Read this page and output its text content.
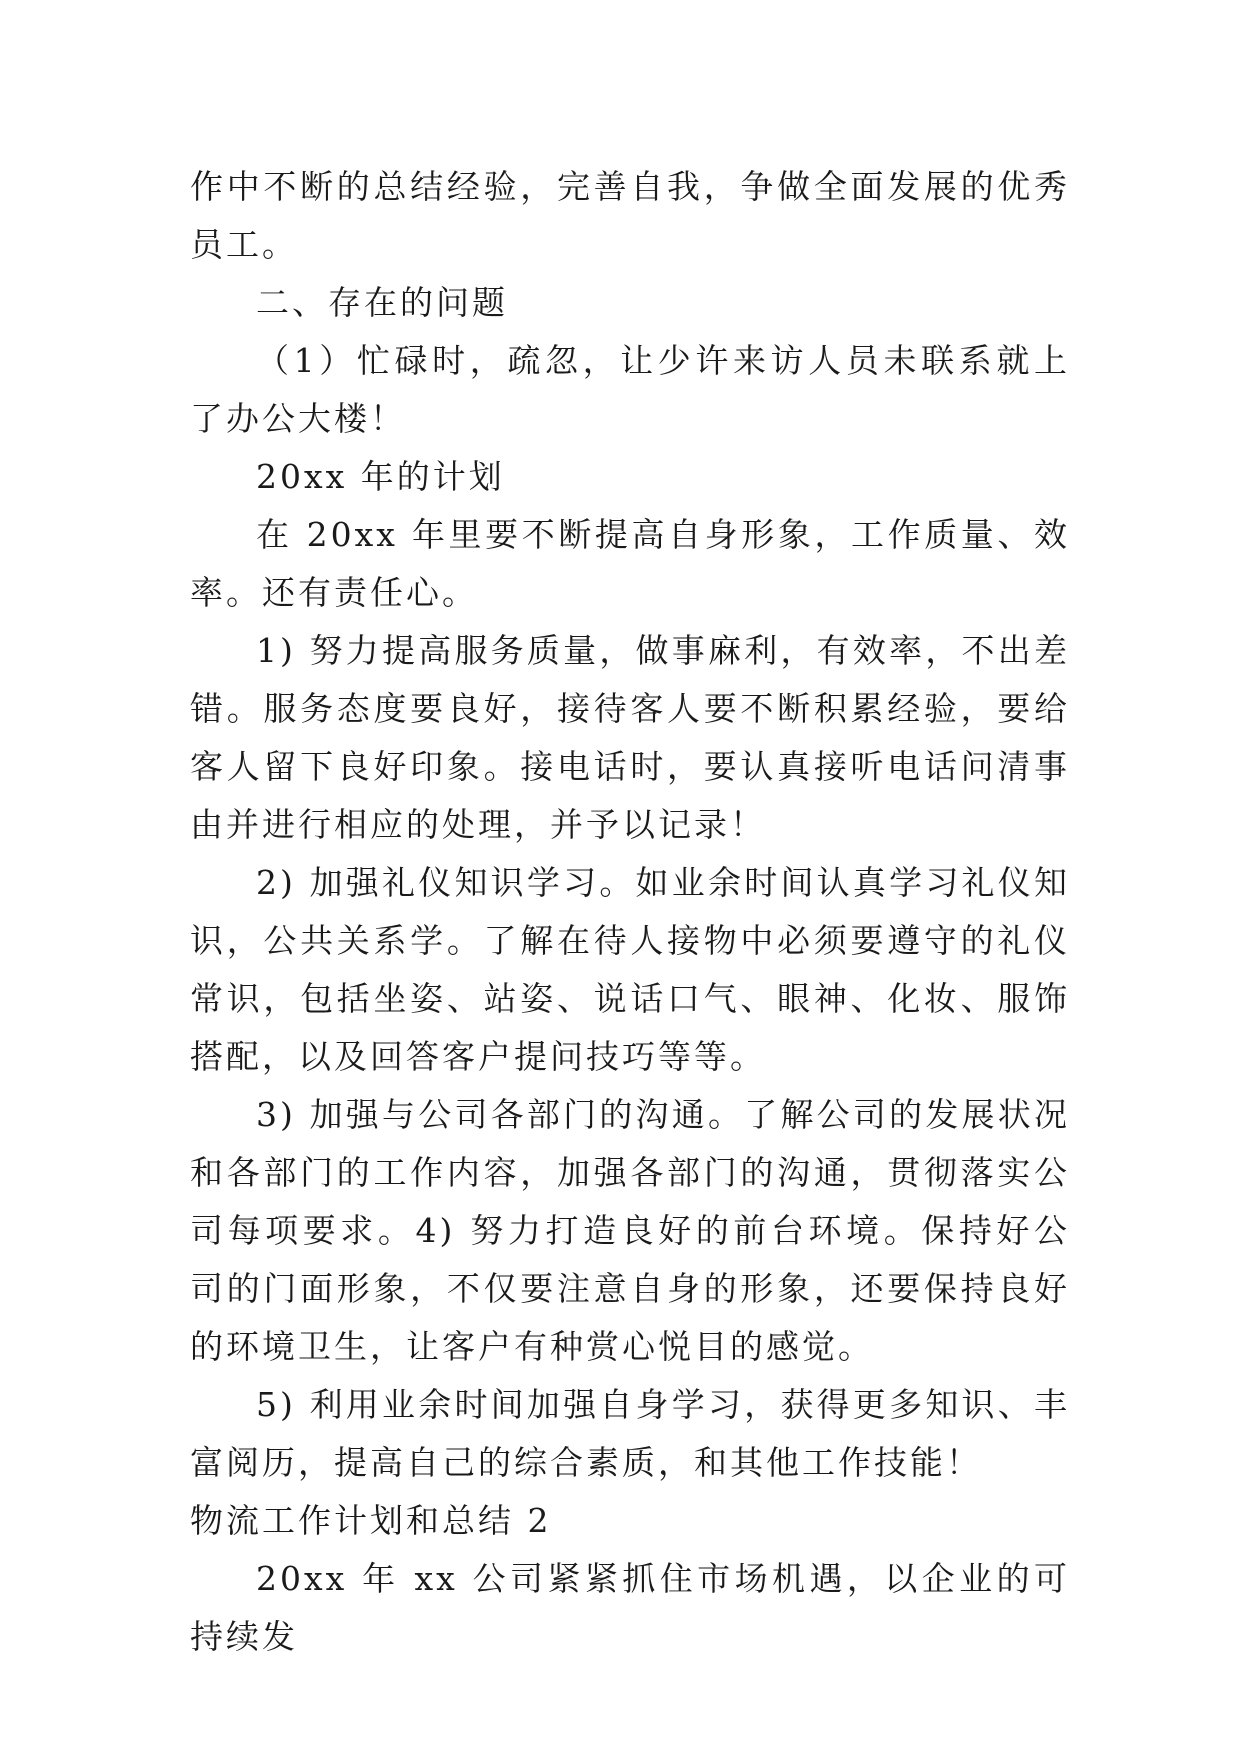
作中不断的总结经验，完善自我，争做全面发展的优秀员工。

二、存在的问题

（1）忙碌时，疏忽，让少许来访人员未联系就上了办公大楼！

20xx 年的计划

在 20xx 年里要不断提高自身形象，工作质量、效率。还有责任心。

1) 努力提高服务质量，做事麻利，有效率，不出差错。服务态度要良好，接待客人要不断积累经验，要给客人留下良好印象。接电话时，要认真接听电话问清事由并进行相应的处理，并予以记录！

2) 加强礼仪知识学习。如业余时间认真学习礼仪知识，公共关系学。了解在待人接物中必须要遵守的礼仪常识，包括坐姿、站姿、说话口气、眼神、化妆、服饰搭配，以及回答客户提问技巧等等。

3) 加强与公司各部门的沟通。了解公司的发展状况和各部门的工作内容，加强各部门的沟通，贯彻落实公司每项要求。4) 努力打造良好的前台环境。保持好公司的门面形象，不仅要注意自身的形象，还要保持良好的环境卫生，让客户有种赏心悦目的感觉。

5) 利用业余时间加强自身学习，获得更多知识、丰富阅历，提高自己的综合素质，和其他工作技能！

物流工作计划和总结 2

20xx 年 xx 公司紧紧抓住市场机遇，以企业的可持续发
